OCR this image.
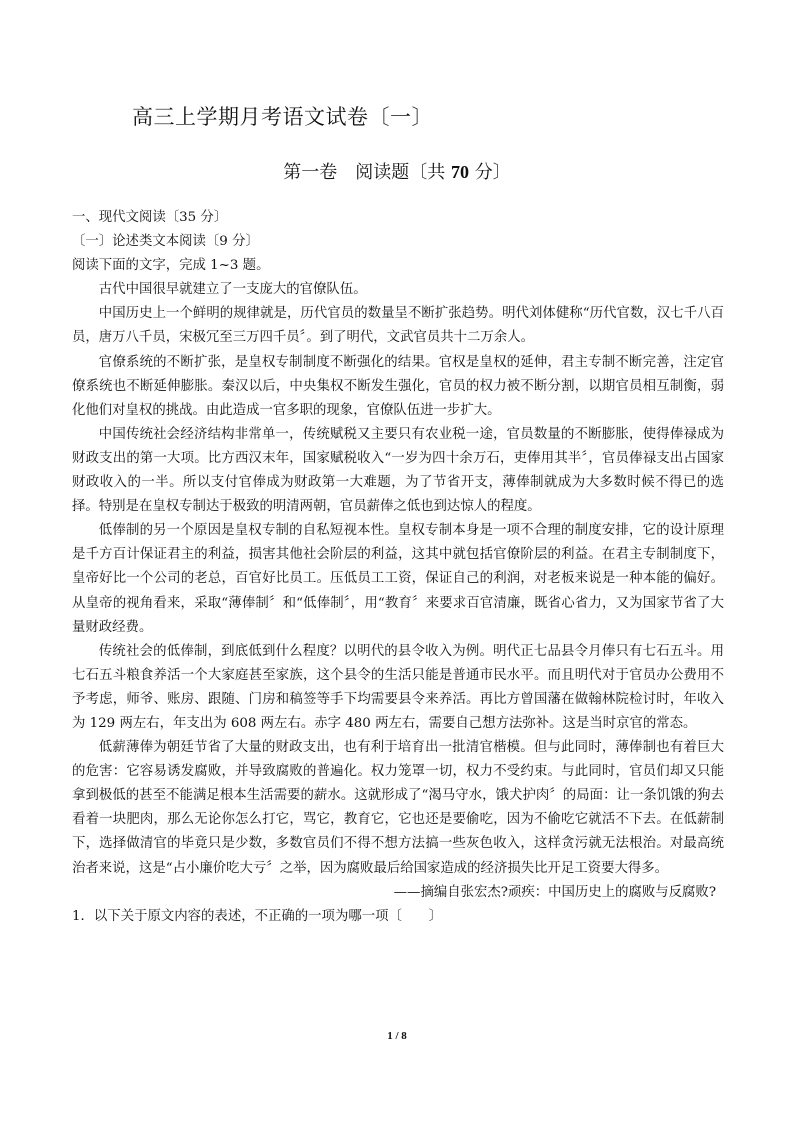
高三上学期月考语文试卷〔一〕
第一卷　阅读题〔共 70 分〕
一、现代文阅读〔35 分〕
〔一〕论述类文本阅读〔9 分〕
阅读下面的文字，完成 1~3 题。
古代中国很早就建立了一支庞大的官僚队伍。
中国历史上一个鲜明的规律就是，历代官员的数量呈不断扩张趋势。明代刘体健称“历代官数，汉七千八百员，唐万八千员，宋极冗至三万四千员〞。到了明代，文武官员共十二万余人。
官僚系统的不断扩张，是皇权专制制度不断强化的结果。官权是皇权的延伸，君主专制不断完善，注定官僚系统也不断延伸膨胀。秦汉以后，中央集权不断发生强化，官员的权力被不断分割，以期官员相互制衡，弱化他们对皇权的挑战。由此造成一官多职的现象，官僚队伍进一步扩大。
中国传统社会经济结构非常单一，传统赋税又主要只有农业税一途，官员数量的不断膨胀，使得俸禄成为财政支出的第一大项。比方西汉末年，国家赋税收入“一岁为四十余万石，吏俸用其半〞，官员俸禄支出占国家财政收入的一半。所以支付官俸成为财政第一大难题，为了节省开支，薄俸制就成为大多数时候不得已的选择。特别是在皇权专制达于极致的明清两朝，官员薪俸之低也到达惊人的程度。
低俸制的另一个原因是皇权专制的自私短视本性。皇权专制本身是一项不合理的制度安排，它的设计原理是千方百计保证君主的利益，损害其他社会阶层的利益，这其中就包括官僚阶层的利益。在君主专制制度下，皇帝好比一个公司的老总，百官好比员工。压低员工工资，保证自己的利润，对老板来说是一种本能的偏好。从皇帝的视角看来，采取“薄俸制〞和“低俸制〞，用“教育〞来要求百官清廉，既省心省力，又为国家节省了大量财政经费。
传统社会的低俸制，到底低到什么程度？以明代的县令收入为例。明代正七品县令月俸只有七石五斗。用七石五斗粮食养活一个大家庭甚至家族，这个县令的生活只能是普通市民水平。而且明代对于官员办公费用不予考虑，师爷、账房、跟随、门房和稿签等手下均需要县令来养活。再比方曾国藩在做翰林院检讨时，年收入为 129 两左右，年支出为 608 两左右。赤字 480 两左右，需要自己想方法弥补。这是当时京官的常态。
低薪薄俸为朝廷节省了大量的财政支出，也有利于培育出一批清官楷模。但与此同时，薄俸制也有着巨大的危害：它容易诱发腐败，并导致腐败的普遍化。权力笼罩一切，权力不受约束。与此同时，官员们却又只能拿到极低的甚至不能满足根本生活需要的薪水。这就形成了“渴马守水，饿犬护肉〞的局面：让一条饥饿的狗去看着一块肥肉，那么无论你怎么打它，骂它，教育它，它也还是要偷吃，因为不偷吃它就活不下去。在低薪制下，选择做清官的毕竟只是少数，多数官员们不得不想方法搞一些灰色收入，这样贪污就无法根治。对最高统治者来说，这是“占小廉价吃大亏〞之举，因为腐败最后给国家造成的经济损失比开足工资要大得多。
——摘编自张宏杰?顽疾：中国历史上的腐败与反腐败?
1．以下关于原文内容的表述，不正确的一项为哪一项〔　　〕
1 / 8
